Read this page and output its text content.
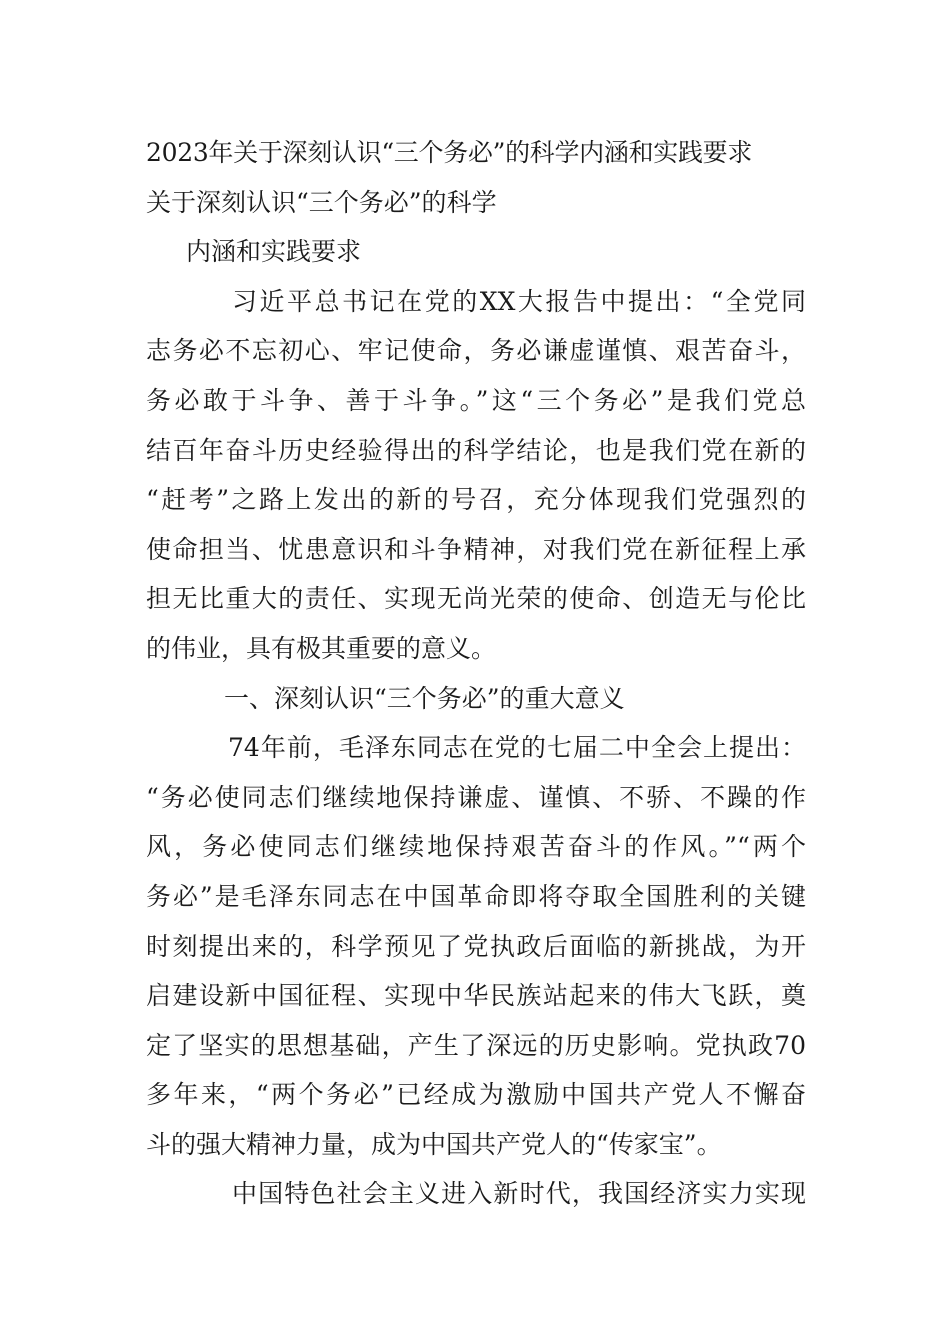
2023年关于深刻认识“三个务必”的科学内涵和实践要求
关于深刻认识“三个务必”的科学
内涵和实践要求
习近平总书记在党的XX大报告中提出：“全党同
志务必不忘初心、牢记使命，务必谦虚谨慎、艰苦奋斗，
务必敢于斗争、善于斗争。”这“三个务必”是我们党总
结百年奋斗历史经验得出的科学结论，也是我们党在新的
“赶考”之路上发出的新的号召，充分体现我们党强烈的
使命担当、忧患意识和斗争精神，对我们党在新征程上承
担无比重大的责任、实现无尚光荣的使命、创造无与伦比
的伟业，具有极其重要的意义。
一、深刻认识“三个务必”的重大意义
74年前，毛泽东同志在党的七届二中全会上提出：
“务必使同志们继续地保持谦虚、谨慎、不骄、不躁的作
风，务必使同志们继续地保持艰苦奋斗的作风。”“两个
务必”是毛泽东同志在中国革命即将夺取全国胜利的关键
时刻提出来的，科学预见了党执政后面临的新挑战，为开
启建设新中国征程、实现中华民族站起来的伟大飞跃，奠
定了坚实的思想基础，产生了深远的历史影响。党执政70
多年来，“两个务必”已经成为激励中国共产党人不懈奋
斗的强大精神力量，成为中国共产党人的“传家宝”。
中国特色社会主义进入新时代，我国经济实力实现
